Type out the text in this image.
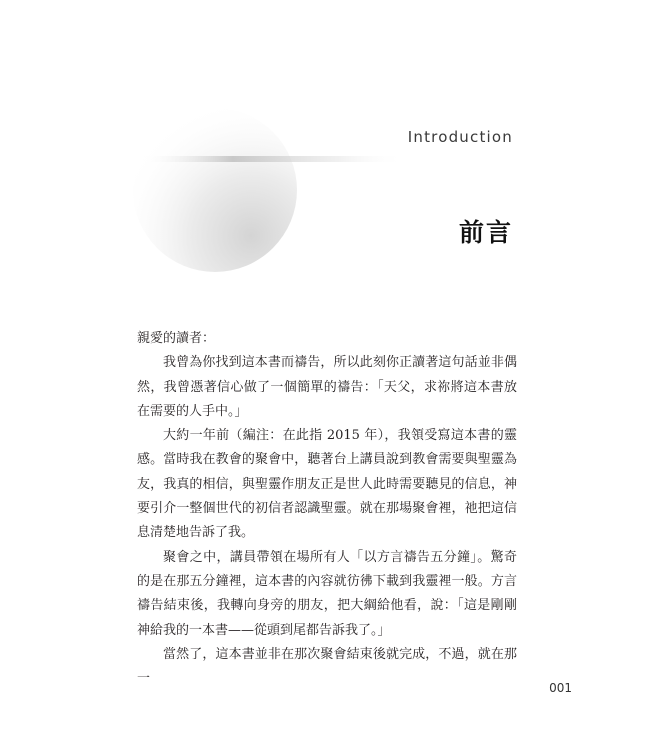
Introduction
前言

親愛的讀者：

我曾為你找到這本書而禱告，所以此刻你正讀著這句話並非偶然，我曾憑著信心做了一個簡單的禱告：「天父，求祢將這本書放在需要的人手中。」

大約一年前（編注：在此指 2015 年），我領受寫這本書的靈感。當時我在教會的聚會中，聽著台上講員說到教會需要與聖靈為友，我真的相信，與聖靈作朋友正是世人此時需要聽見的信息，神要引介一整個世代的初信者認識聖靈。就在那場聚會裡，祂把這信息清楚地告訴了我。

聚會之中，講員帶領在場所有人「以方言禱告五分鐘」。驚奇的是在那五分鐘裡，這本書的內容就彷彿下載到我靈裡一般。方言禱告結束後，我轉向身旁的朋友，把大綱給他看，說：「這是剛剛神給我的一本書——從頭到尾都告訴我了。」

當然了，這本書並非在那次聚會結束後就完成，不過，就在那一

001
